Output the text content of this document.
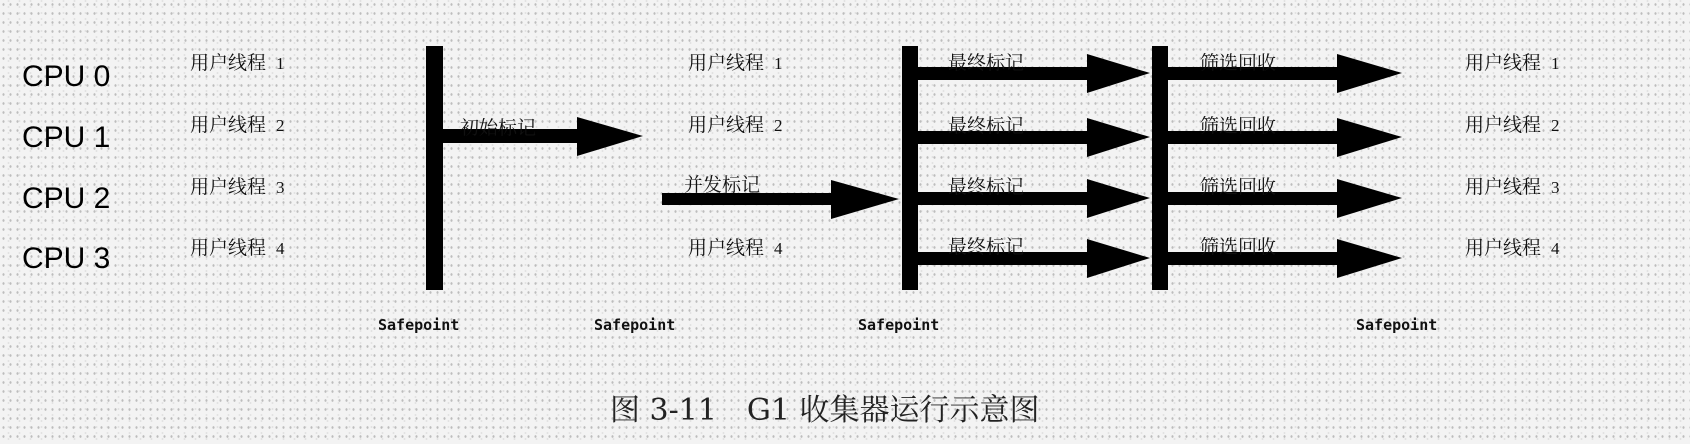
CPU 0
CPU 1
CPU 2
CPU 3
用户线程 1
用户线程 2
用户线程 3
用户线程 4
初始标记
用户线程 1
用户线程 2
并发标记
用户线程 4
最终标记
最终标记
最终标记
最终标记
筛选回收
筛选回收
筛选回收
筛选回收
用户线程 1
用户线程 2
用户线程 3
用户线程 4
Safepoint	Safepoint	Safepoint	Safepoint
图 3-11　G1 收集器运行示意图
